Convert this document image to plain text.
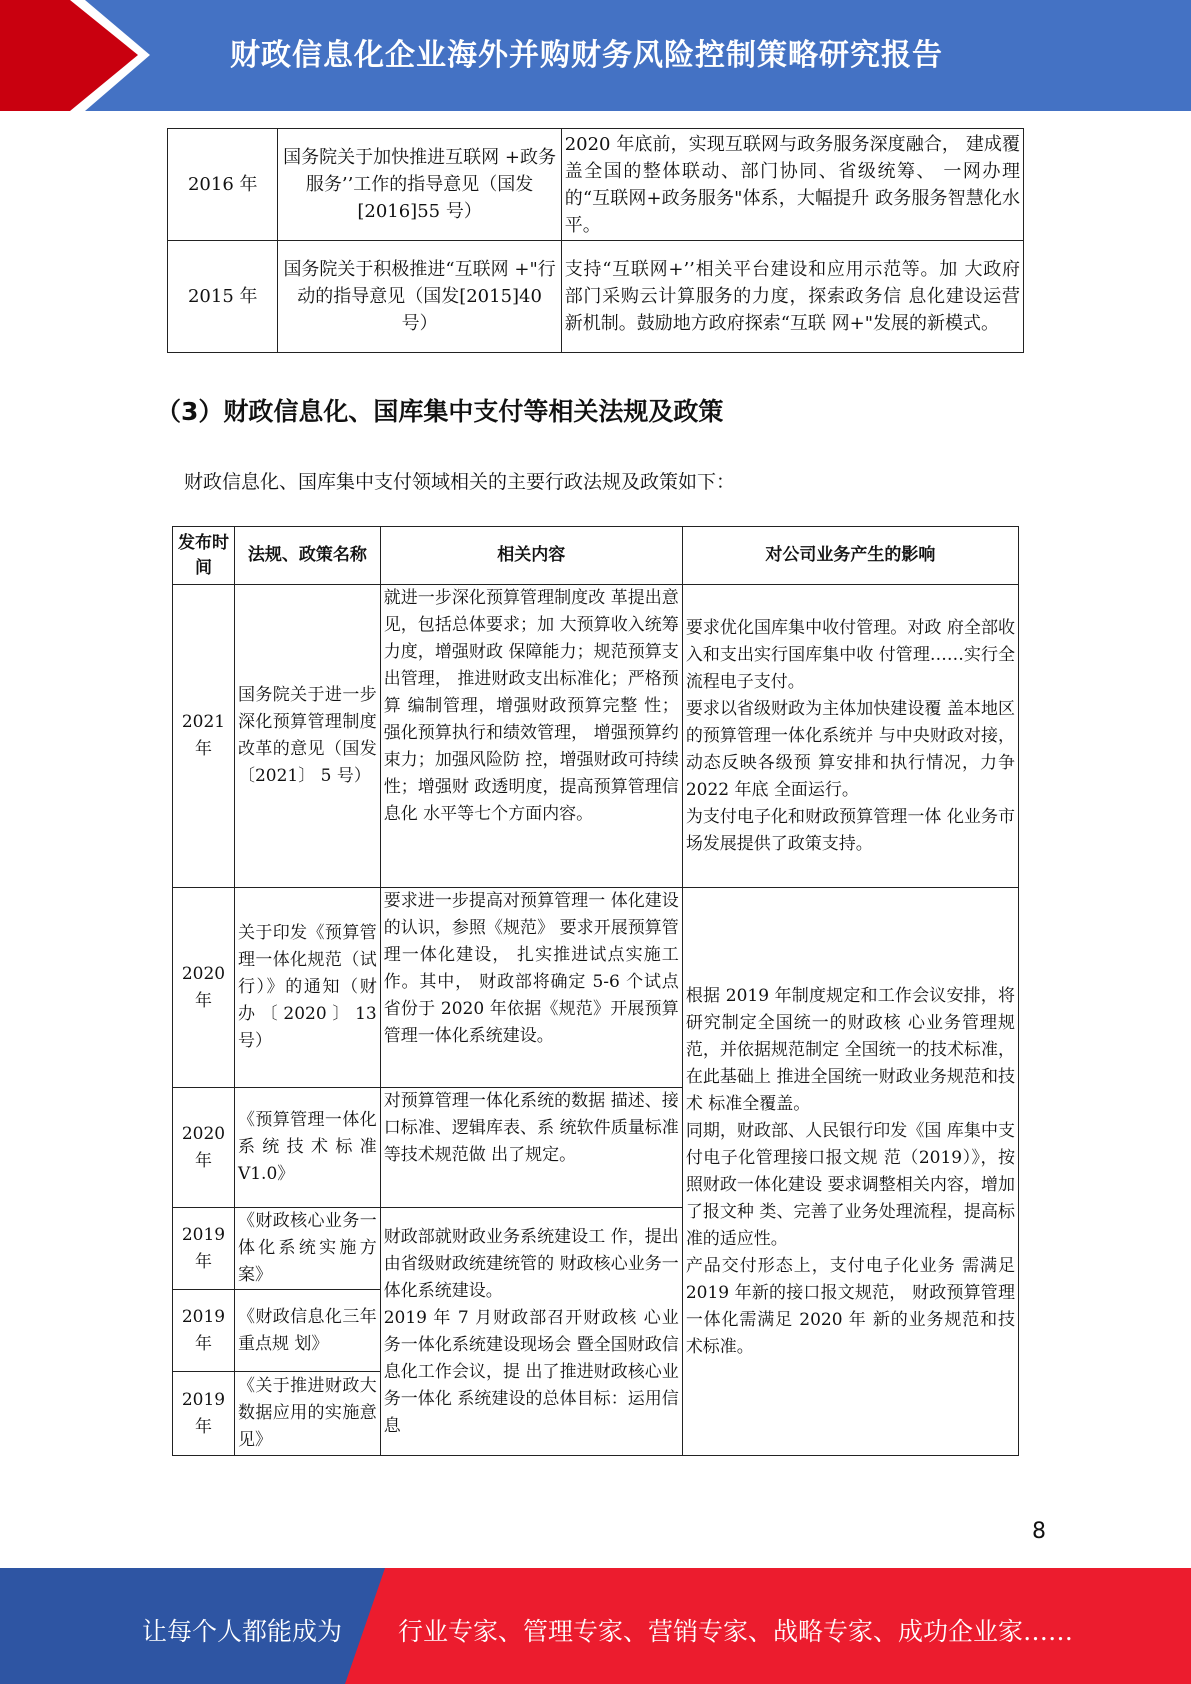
财政信息化企业海外并购财务风险控制策略研究报告
2016 年	国务院关于加快推进互联网 +政务服务’’工作的指导意见（国发[2016]55 号）	2020 年底前，实现互联网与政务服务深度融合， 建成覆盖全国的整体联动、部门协同、省级统筹、 一网办理的“互联网+政务服务"体系，大幅提升 政务服务智慧化水平。
2015 年	国务院关于积极推进“互联网 +"行动的指导意见（国发[2015]40 号）	支持“互联网+’’相关平台建设和应用示范等。加 大政府部门采购云计算服务的力度，探索政务信 息化建设运营新机制。鼓励地方政府探索“互联 网+"发展的新模式。
（3）财政信息化、国库集中支付等相关法规及政策
财政信息化、国库集中支付领域相关的主要行政法规及政策如下：
发布时间	法规、政策名称	相关内容	对公司业务产生的影响
2021 年	国务院关于进一步深化预算管理制度改革的意见（国发〔2021〕 5 号）	就进一步深化预算管理制度改 革提出意见，包括总体要求；加 大预算收入统筹力度，增强财政 保障能力；规范预算支出管理， 推进财政支出标准化；严格预算 编制管理，增强财政预算完整 性；强化预算执行和绩效管理， 增强预算约束力；加强风险防 控，增强财政可持续性；增强财 政透明度，提高预算管理信息化 水平等七个方面内容。	要求优化国库集中收付管理。对政 府全部收入和支出实行国库集中收 付管理……实行全流程电子支付。

要求以省级财政为主体加快建设覆 盖本地区的预算管理一体化系统并 与中央财政对接，动态反映各级预 算安排和执行情况，力争 2022 年底 全面运行。

为支付电子化和财政预算管理一体 化业务市场发展提供了政策支持。

2020 年	关于印发《预算管理一体化规范（试行）》的通知（财办〔2020〕13 号）	要求进一步提高对预算管理一 体化建设的认识，参照《规范》 要求开展预算管理一体化建设， 扎实推进试点实施工作。其中， 财政部将确定 5-6 个试点省份于 2020 年依据《规范》开展预算管理一体化系统建设。	根据 2019 年制度规定和工作会议安排，将研究制定全国统一的财政核 心业务管理规范，并依据规范制定 全国统一的技术标准，在此基础上 推进全国统一财政业务规范和技术 标准全覆盖。

同期，财政部、人民银行印发《国 库集中支付电子化管理接口报文规 范（2019）》，按照财政一体化建设 要求调整相关内容，增加了报文种 类、完善了业务处理流程，提高标 准的适应性。

产品交付形态上，支付电子化业务 需满足 2019 年新的接口报文规范， 财政预算管理一体化需满足 2020 年 新的业务规范和技术标准。

2020 年	《预算管理一体化系统技术标准 V1.0》	对预算管理一体化系统的数据 描述、接口标准、逻辑库表、系 统软件质量标准等技术规范做 出了规定。	
2019 年	《财政核心业务一体化系统实施方案》	财政部就财政业务系统建设工 作，提出由省级财政统建统管的 财政核心业务一体化系统建设。

2019 年 7 月财政部召开财政核 心业务一体化系统建设现场会 暨全国财政信息化工作会议，提 出了推进财政核心业务一体化 系统建设的总体目标：运用信息	

2019 年	《财政信息化三年重点规 划》		
2019 年	《关于推进财政大数据应用的实施意见》		
8
让每个人都能成为 行业专家、管理专家、营销专家、战略专家、成功企业家……
